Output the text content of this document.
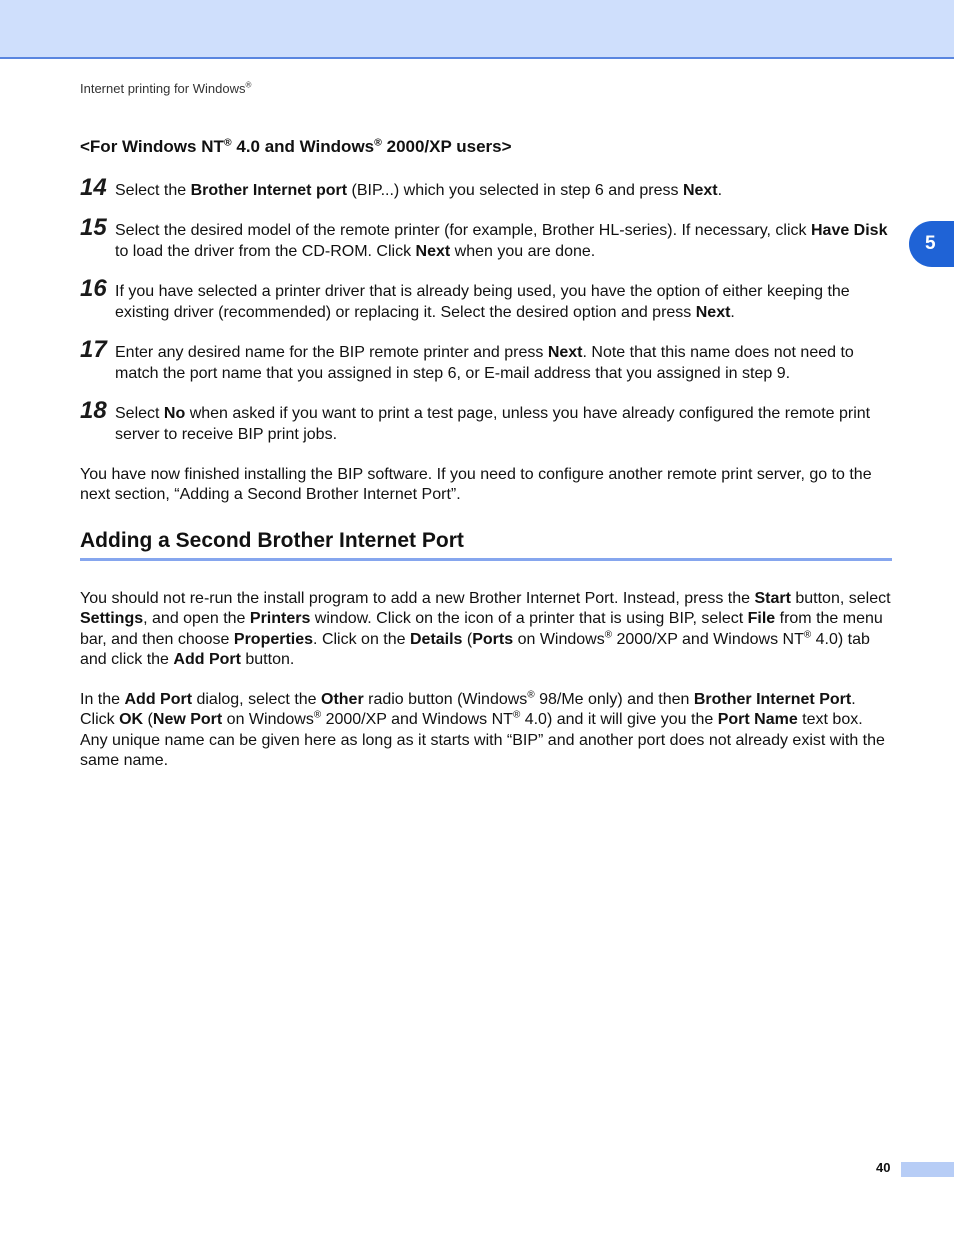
Internet printing for Windows®
5
<For Windows NT® 4.0 and Windows® 2000/XP users>
14 Select the Brother Internet port (BIP...) which you selected in step 6 and press Next.
15 Select the desired model of the remote printer (for example, Brother HL-series). If necessary, click Have Disk to load the driver from the CD-ROM. Click Next when you are done.
16 If you have selected a printer driver that is already being used, you have the option of either keeping the existing driver (recommended) or replacing it. Select the desired option and press Next.
17 Enter any desired name for the BIP remote printer and press Next. Note that this name does not need to match the port name that you assigned in step 6, or E-mail address that you assigned in step 9.
18 Select No when asked if you want to print a test page, unless you have already configured the remote print server to receive BIP print jobs.
You have now finished installing the BIP software. If you need to configure another remote print server, go to the next section, “Adding a Second Brother Internet Port”.
Adding a Second Brother Internet Port
You should not re-run the install program to add a new Brother Internet Port. Instead, press the Start button, select Settings, and open the Printers window. Click on the icon of a printer that is using BIP, select File from the menu bar, and then choose Properties. Click on the Details (Ports on Windows® 2000/XP and Windows NT® 4.0) tab and click the Add Port button.
In the Add Port dialog, select the Other radio button (Windows® 98/Me only) and then Brother Internet Port. Click OK (New Port on Windows® 2000/XP and Windows NT® 4.0) and it will give you the Port Name text box. Any unique name can be given here as long as it starts with “BIP” and another port does not already exist with the same name.
40
